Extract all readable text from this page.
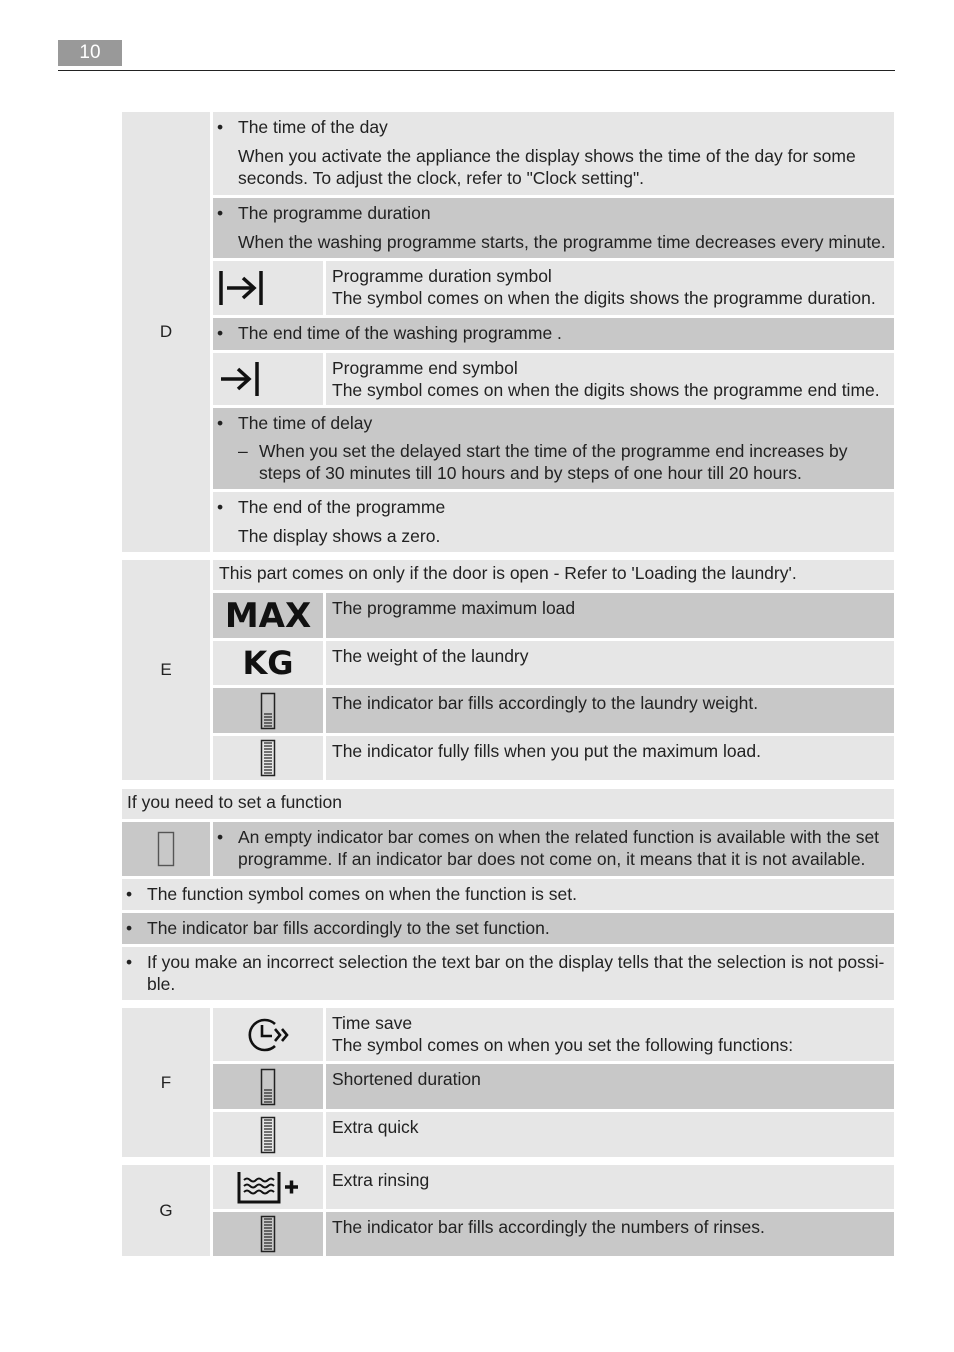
10
D
• The time of the day
When you activate the appliance the display shows the time of the day for some seconds. To adjust the clock, refer to "Clock setting".
• The programme duration
When the washing programme starts, the programme time decreases every minute.
Programme duration symbol
The symbol comes on when the digits shows the programme duration.
• The end time of the washing programme .
Programme end symbol
The symbol comes on when the digits shows the programme end time.
• The time of delay
– When you set the delayed start the time of the programme end increases by steps of 30 minutes till 10 hours and by steps of one hour till 20 hours.
• The end of the programme
The display shows a zero.
E
This part comes on only if the door is open - Refer to 'Loading the laundry'.
MAX	The programme maximum load
KG	The weight of the laundry
The indicator bar fills accordingly to the laundry weight.
The indicator fully fills when you put the maximum load.
If you need to set a function
• An empty indicator bar comes on when the related function is available with the set programme. If an indicator bar does not come on, it means that it is not available.
• The function symbol comes on when the function is set.
• The indicator bar fills accordingly to the set function.
• If you make an incorrect selection the text bar on the display tells that the selection is not possi-ble.
F
Time save
The symbol comes on when you set the following functions:
Shortened duration
Extra quick
G
Extra rinsing
The indicator bar fills accordingly the numbers of rinses.
